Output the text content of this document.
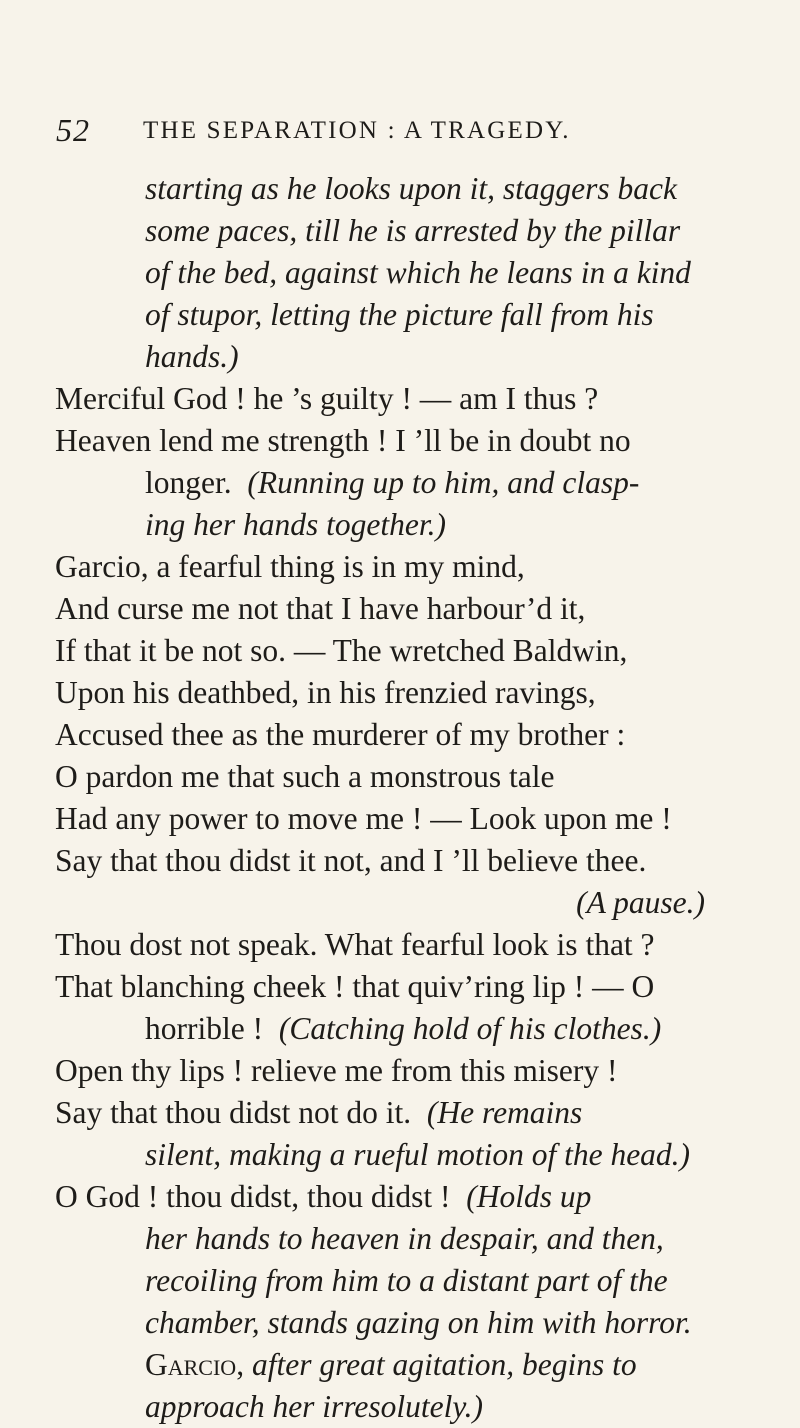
52 THE SEPARATION : A TRAGEDY.
starting as he looks upon it, staggers back
some paces, till he is arrested by the pillar
of the bed, against which he leans in a kind
of stupor, letting the picture fall from his
hands.)
Merciful God ! he ’s guilty ! — am I thus ?
Heaven lend me strength ! I ’ll be in doubt no
longer. (Running up to him, and clasp-
ing her hands together.)
Garcio, a fearful thing is in my mind,
And curse me not that I have harbour’d it,
If that it be not so. — The wretched Baldwin,
Upon his deathbed, in his frenzied ravings,
Accused thee as the murderer of my brother :
O pardon me that such a monstrous tale
Had any power to move me ! — Look upon me !
Say that thou didst it not, and I ’ll believe thee.
(A pause.)
Thou dost not speak. What fearful look is that ?
That blanching cheek ! that quiv’ring lip ! — O
horrible ! (Catching hold of his clothes.)
Open thy lips ! relieve me from this misery !
Say that thou didst not do it. (He remains
silent, making a rueful motion of the head.)
O God ! thou didst, thou didst ! (Holds up
her hands to heaven in despair, and then,
recoiling from him to a distant part of the
chamber, stands gazing on him with horror.
Garcio, after great agitation, begins to
approach her irresolutely.)
